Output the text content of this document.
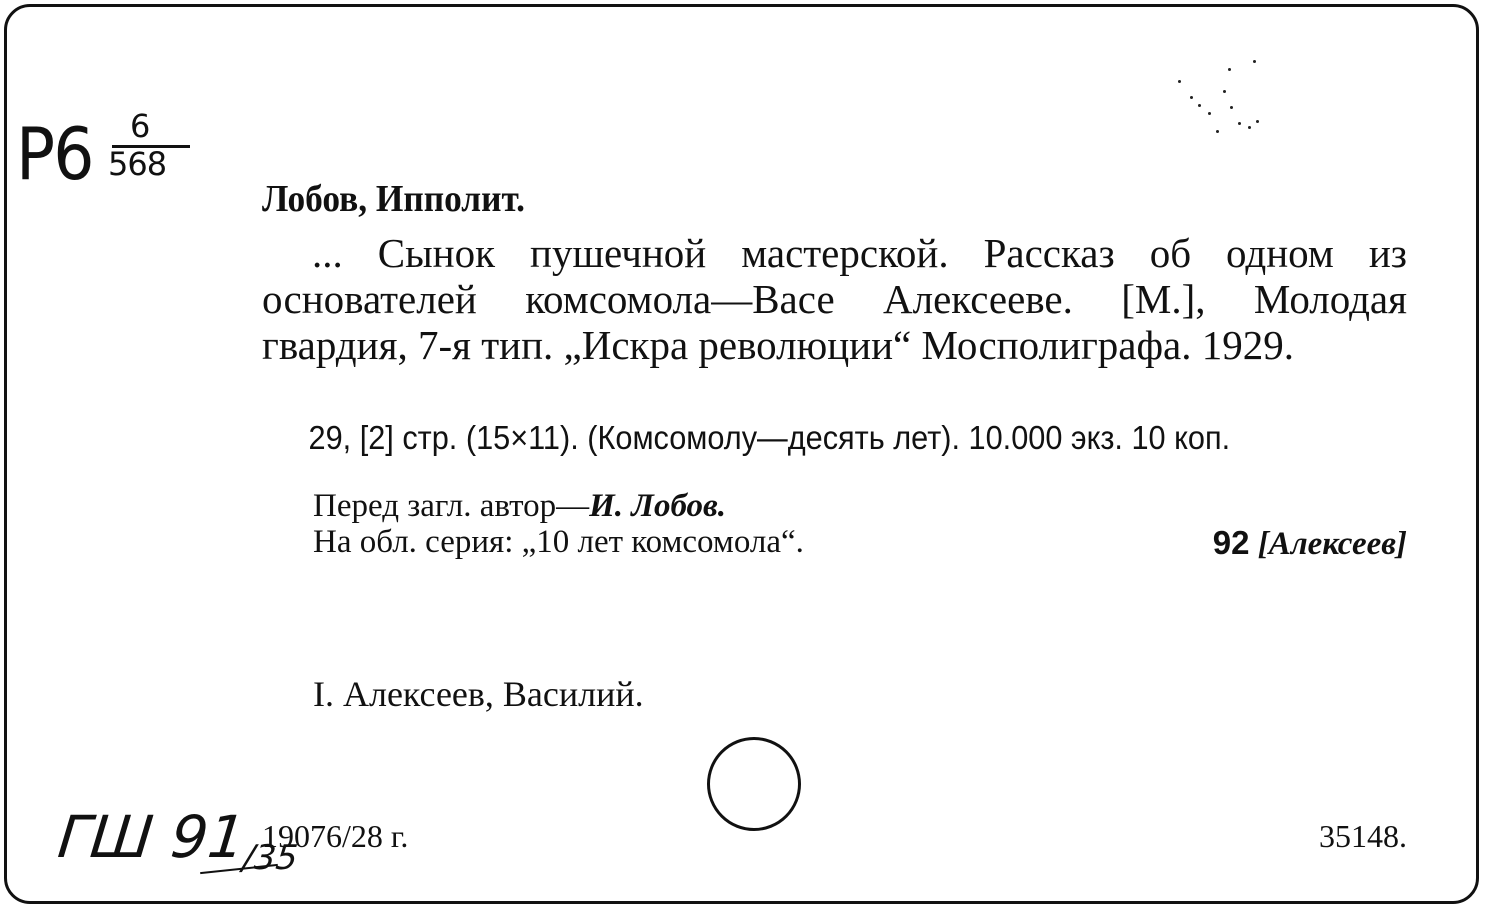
Р6 6
568
Лобов, Ипполит.
... Сынок пушечной мастерской. Рассказ об одном из основателей комсомола—Васе Алексееве. [М.], Молодая гвардия, 7-я тип. „Искра революции“ Мосполиграфа. 1929.
29, [2] стр. (15×11). (Комсомолу—десять лет). 10.000 экз. 10 коп.
Перед загл. автор—И. Лобов.
На обл. серия: „10 лет комсомола“.	92 [Алексеев]
I. Алексеев, Василий.
19076/28 г.	35148.
ГШ $91_{/35}$
